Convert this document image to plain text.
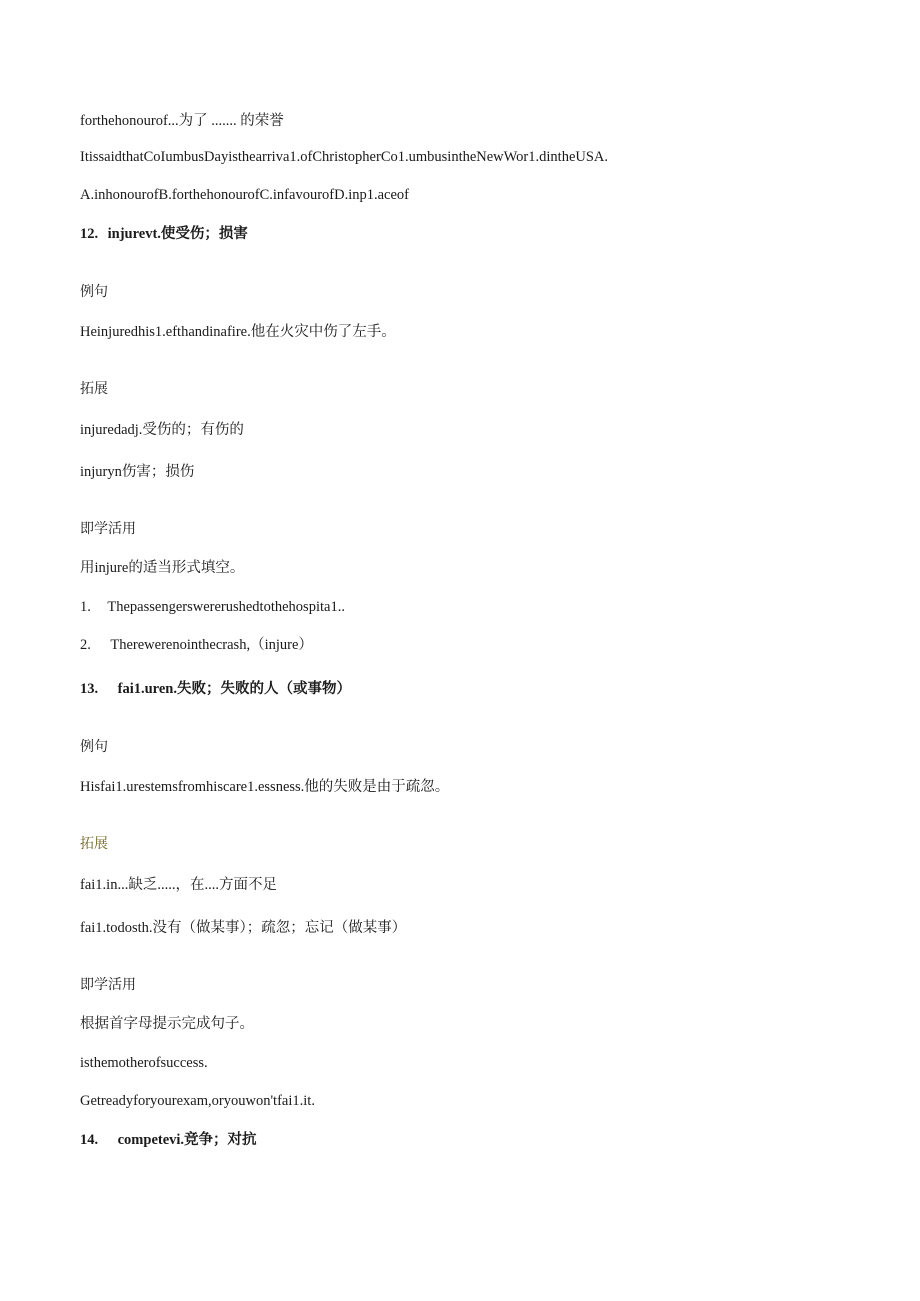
forthehonourof...为了 ....... 的荣誉
ItissaidthatCoIumbusDayisthearriva1.ofChristopherCo1.umbusintheNewWor1.dintheUSA.
A.inhonourofB.forthehonourofC.infavourofD.inp1.aceof
12. injurevt.使受伤；损害
例句
Heinjuredhis1.efthandinafire.他在火灾中伤了左手。
拓展
injuredadj.受伤的；有伤的
injuryn伤害；损伤
即学活用
用injure的适当形式填空。
1. Thepassengerswererushedtothehospita1..
2. Therewerenointhecrash,（injure）
13. fai1.uren.失败；失败的人（或事物）
例句
Hisfai1.urestemsfromhiscare1.essness.他的失败是由于疏忽。
拓展
fai1.in...缺乏.....，在....方面不足
fai1.todosth.没有（做某事）；疏忽；忘记（做某事）
即学活用
根据首字母提示完成句子。
isthemotherofsuccess.
Getreadyforyourexam,oryouwon'tfai1.it.
14. competevi.竞争；对抗
